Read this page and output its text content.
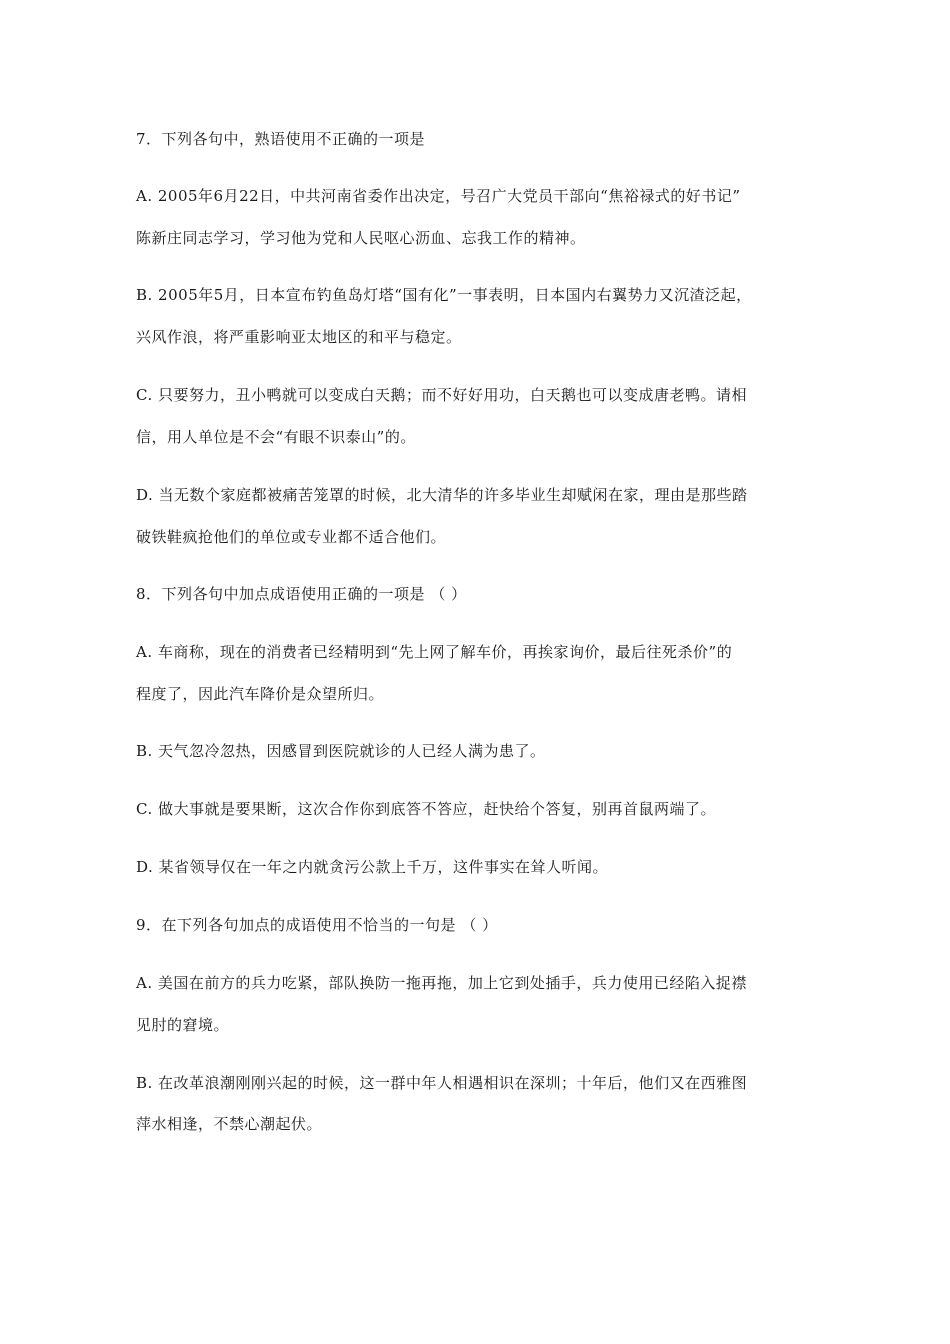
7．下列各句中，熟语使用不正确的一项是
A. 2005年6月22日，中共河南省委作出决定，号召广大党员干部向“焦裕禄式的好书记”
陈新庄同志学习，学习他为党和人民呕心沥血、忘我工作的精神。
B. 2005年5月，日本宣布钓鱼岛灯塔“国有化”一事表明，日本国内右翼势力又沉渣泛起，
兴风作浪，将严重影响亚太地区的和平与稳定。
C. 只要努力，丑小鸭就可以变成白天鹅；而不好好用功，白天鹅也可以变成唐老鸭。请相
信，用人单位是不会“有眼不识泰山”的。
D. 当无数个家庭都被痛苦笼罩的时候，北大清华的许多毕业生却赋闲在家，理由是那些踏
破铁鞋疯抢他们的单位或专业都不适合他们。
8．下列各句中加点成语使用正确的一项是 （ ）
A. 车商称，现在的消费者已经精明到“先上网了解车价，再挨家询价，最后往死杀价”的
程度了，因此汽车降价是众望所归。
B. 天气忽冷忽热，因感冒到医院就诊的人已经人满为患了。
C. 做大事就是要果断，这次合作你到底答不答应，赶快给个答复，别再首鼠两端了。
D. 某省领导仅在一年之内就贪污公款上千万，这件事实在耸人听闻。
9．在下列各句加点的成语使用不恰当的一句是 （ ）
A. 美国在前方的兵力吃紧，部队换防一拖再拖，加上它到处插手，兵力使用已经陷入捉襟
见肘的窘境。
B. 在改革浪潮刚刚兴起的时候，这一群中年人相遇相识在深圳；十年后，他们又在西雅图
萍水相逢，不禁心潮起伏。
